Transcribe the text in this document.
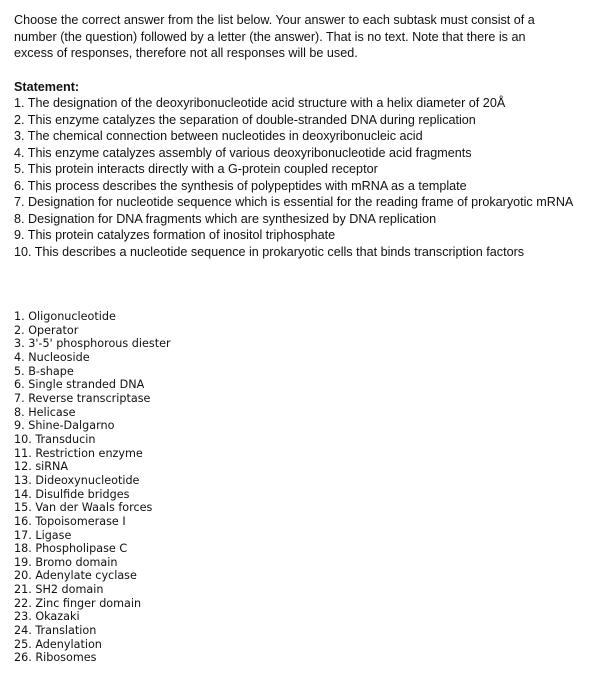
Choose the correct answer from the list below. Your answer to each subtask must consist of a number (the question) followed by a letter (the answer). That is no text. Note that there is an excess of responses, therefore not all responses will be used.

Statement:
1. The designation of the deoxyribonucleotide acid structure with a helix diameter of 20Å
2. This enzyme catalyzes the separation of double-stranded DNA during replication
3. The chemical connection between nucleotides in deoxyribonucleic acid
4. This enzyme catalyzes assembly of various deoxyribonucleotide acid fragments
5. This protein interacts directly with a G-protein coupled receptor
6. This process describes the synthesis of polypeptides with mRNA as a template
7. Designation for nucleotide sequence which is essential for the reading frame of prokaryotic mRNA
8. Designation for DNA fragments which are synthesized by DNA replication
9. This protein catalyzes formation of inositol triphosphate
10. This describes a nucleotide sequence in prokaryotic cells that binds transcription factors
1. Oligonucleotide
2. Operator
3. 3'-5' phosphorous diester
4. Nucleoside
5. B-shape
6. Single stranded DNA
7. Reverse transcriptase
8. Helicase
9. Shine-Dalgarno
10. Transducin
11. Restriction enzyme
12. siRNA
13. Dideoxynucleotide
14. Disulfide bridges
15. Van der Waals forces
16. Topoisomerase I
17. Ligase
18. Phospholipase C
19. Bromo domain
20. Adenylate cyclase
21. SH2 domain
22. Zinc finger domain
23. Okazaki
24. Translation
25. Adenylation
26. Ribosomes
